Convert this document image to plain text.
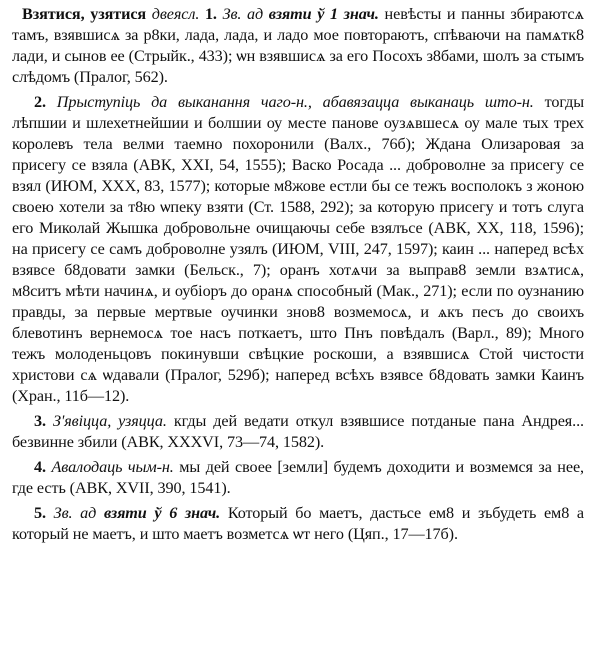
Взятися, узятися двеясл. 1. Зв. ад взяти ў 1 знач. невѣсты и панны збираютсѧ тамъ, взявшисѧ за р8ки, лада, лада, и ладо мое повтораютъ, спѣваючи на памѧтк8 лади, и сынов ее (Стрыйк., 433); ѡн взявшисѧ за его Посохъ з8бами, шолъ за стымъ слѣдомъ (Пралог, 562).

2. Прыступіць да выканання чаго-н., абавязацца выканаць што-н. тогды лѣпшии и шлехетнейшии и болшии оу месте панове оузѧвшесѧ оу мале тых трех королевъ тела велми таемно похоронили (Валх., 76б); Ждана Олизаровая за присегу се взяла (АВК, XXI, 54, 1555); Васко Росада ... доброволне за присегу се взял (ИЮМ, XXX, 83, 1577); которые м8жове естли бы се тежъ восполокъ з жоною своею хотели за т8ю ѡпеку взяти (Ст. 1588, 292); за которую присегу и тотъ слуга его Миколай Жышка добровольне очищаючы себе взялъсе (АВК, XX, 118, 1596); на присегу се самъ доброволне узялъ (ИЮМ, VIII, 247, 1597); каин ... наперед всѣх взявсе б8довати замки (Бельск., 7); оранъ хотѧчи за выправ8 земли взѧтисѧ, м8ситъ мѣти начинѧ, и оубіоръ до оранѧ способный (Мак., 271); если по оузнанию правды, за первые мертвые оучинки знов8 возмемосѧ, и ѧкъ песъ до своихъ блевотинъ вернемосѧ тое насъ поткаетъ, што Пнъ повѣдалъ (Варл., 89); Много тежъ молоденьцовъ покинувши свѣцкие роскоши, а взявшисѧ Стой чистости христови сѧ ѡдавали (Пралог, 529б); наперед всѣхъ взявсе б8довать замки Каинъ (Хран., 11б—12).

3. З'явіцца, узяцца. кгды дей ведати откул взявшисе потданые пана Андрея... безвинне збили (АВК, XXXVI, 73—74, 1582).

4. Авалодаць чым-н. мы дей своее [земли] будемъ доходити и возмемся за нее, где есть (АВК, XVII, 390, 1541).

5. Зв. ад взяти ў 6 знач. Который бо маетъ, дастьсе ем8 и зъбудеть ем8 а который не маетъ, и што маетъ возметсѧ ѡт него (Цяп., 17—17б).
